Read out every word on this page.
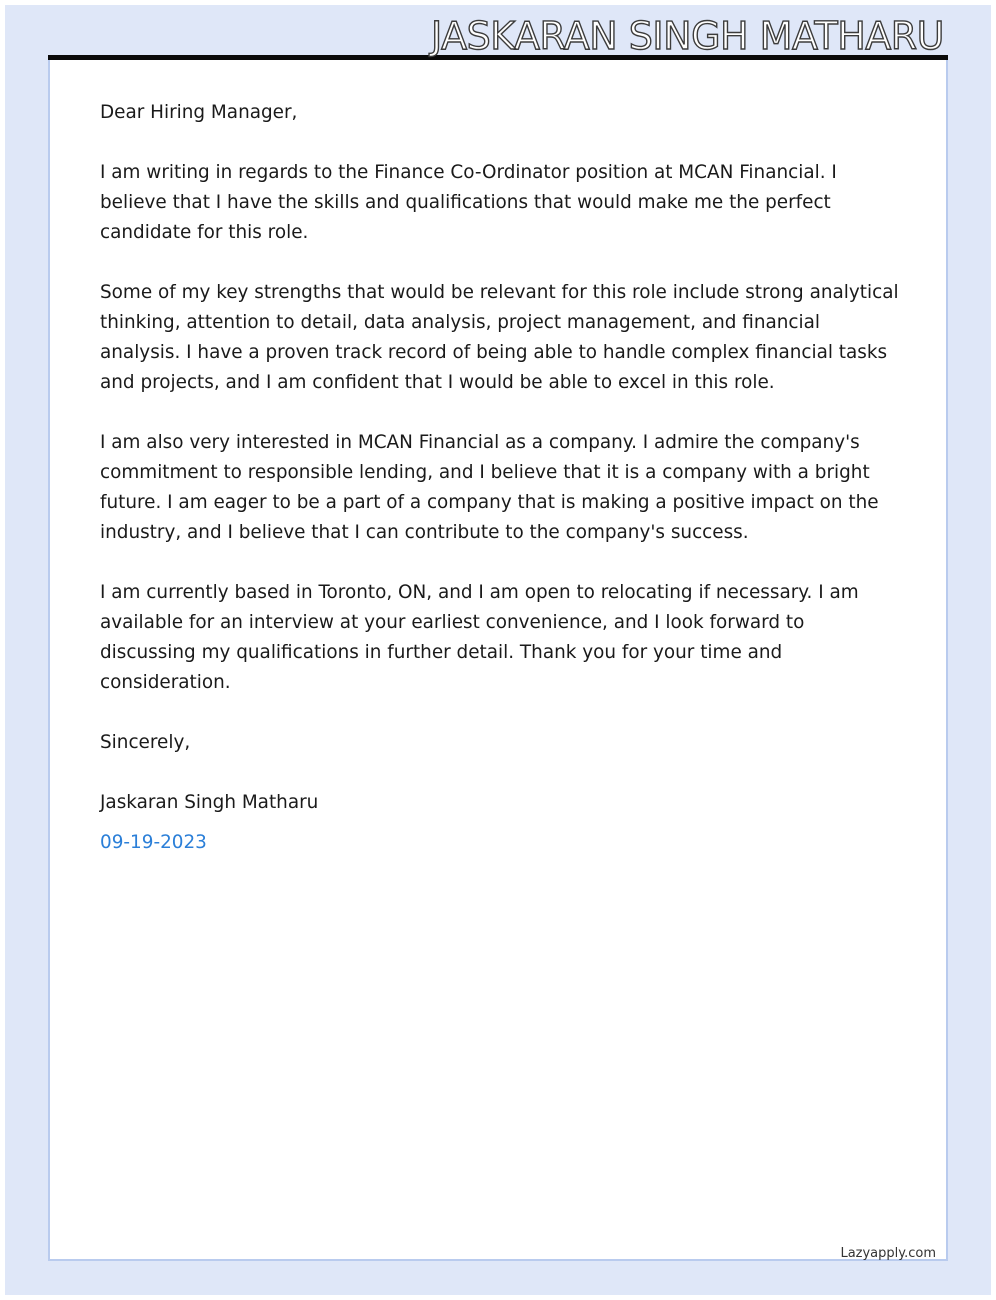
JASKARAN SINGH MATHARU

Dear Hiring Manager,

I am writing in regards to the Finance Co-Ordinator position at MCAN Financial. I believe that I have the skills and qualifications that would make me the perfect candidate for this role.

Some of my key strengths that would be relevant for this role include strong analytical thinking, attention to detail, data analysis, project management, and financial analysis. I have a proven track record of being able to handle complex financial tasks and projects, and I am confident that I would be able to excel in this role.

I am also very interested in MCAN Financial as a company. I admire the company's commitment to responsible lending, and I believe that it is a company with a bright future. I am eager to be a part of a company that is making a positive impact on the industry, and I believe that I can contribute to the company's success.

I am currently based in Toronto, ON, and I am open to relocating if necessary. I am available for an interview at your earliest convenience, and I look forward to discussing my qualifications in further detail. Thank you for your time and consideration.

Sincerely,

Jaskaran Singh Matharu

09-19-2023

Lazyapply.com
